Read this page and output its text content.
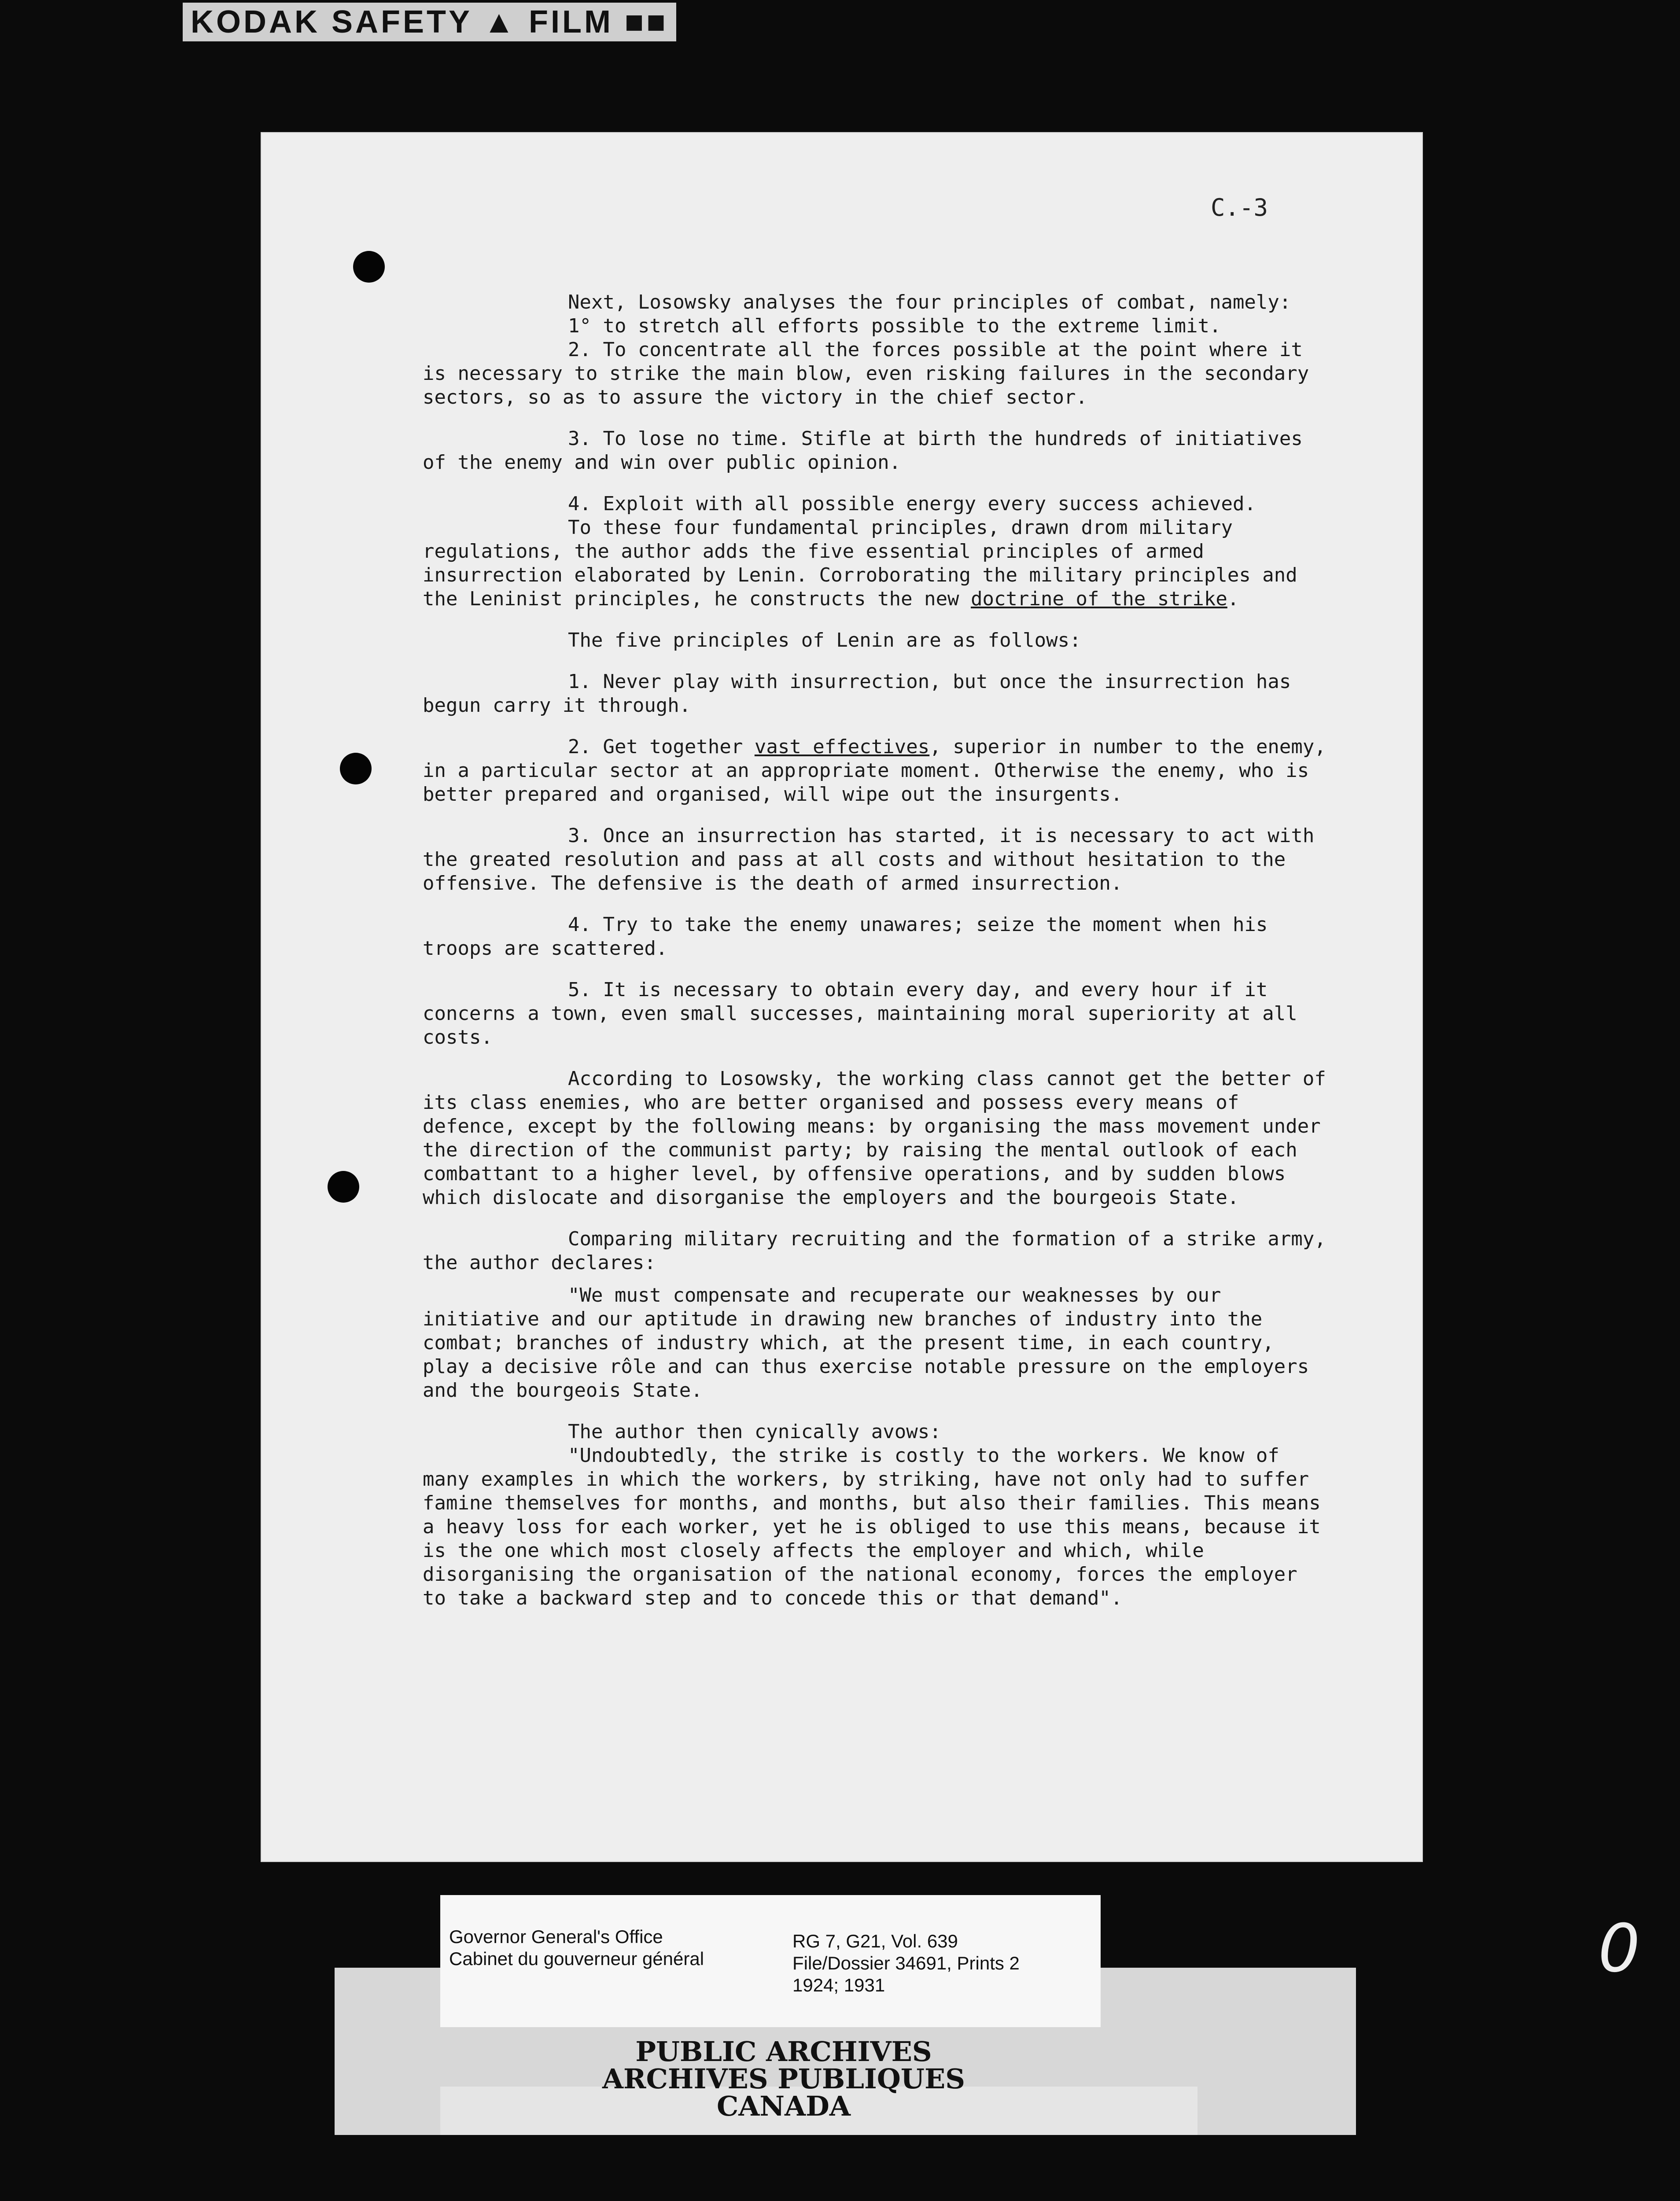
KODAK SAFETY ▲ FILM ■■
C.-3

Next, Losowsky analyses the four principles of combat, namely:

1° to stretch all efforts possible to the extreme limit.

2. To concentrate all the forces possible at the point where it is necessary to strike the main blow, even risking failures in the secondary sectors, so as to assure the victory in the chief sector.

3. To lose no time. Stifle at birth the hundreds of initiatives of the enemy and win over public opinion.

4. Exploit with all possible energy every success achieved.

To these four fundamental principles, drawn drom military regulations, the author adds the five essential principles of armed insurrection elaborated by Lenin. Corroborating the military principles and the Leninist principles, he constructs the new doctrine of the strike.

The five principles of Lenin are as follows:

1. Never play with insurrection, but once the insurrection has begun carry it through.

2. Get together vast effectives, superior in number to the enemy, in a particular sector at an appropriate moment. Otherwise the enemy, who is better prepared and organised, will wipe out the insurgents.

3. Once an insurrection has started, it is necessary to act with the greated resolution and pass at all costs and without hesitation to the offensive. The defensive is the death of armed insurrection.

4. Try to take the enemy unawares; seize the moment when his troops are scattered.

5. It is necessary to obtain every day, and every hour if it concerns a town, even small successes, maintaining moral superiority at all costs.

According to Losowsky, the working class cannot get the better of its class enemies, who are better organised and possess every means of defence, except by the following means: by organising the mass movement under the direction of the communist party; by raising the mental outlook of each combattant to a higher level, by offensive operations, and by sudden blows which dislocate and disorganise the employers and the bourgeois State.

Comparing military recruiting and the formation of a strike army, the author declares:

"We must compensate and recuperate our weaknesses by our initiative and our aptitude in drawing new branches of industry into the combat; branches of industry which, at the present time, in each country, play a decisive rôle and can thus exercise notable pressure on the employers and the bourgeois State.

The author then cynically avows:

"Undoubtedly, the strike is costly to the workers. We know of many examples in which the workers, by striking, have not only had to suffer famine themselves for months, and months, but also their families. This means a heavy loss for each worker, yet he is obliged to use this means, because it is the one which most closely affects the employer and which, while disorganising the organisation of the national economy, forces the employer to take a backward step and to concede this or that demand".

Governor General's Office
Cabinet du gouverneur général
RG 7, G21, Vol. 639
File/Dossier 34691, Prints 2
1924; 1931
PUBLIC ARCHIVES
ARCHIVES PUBLIQUES
CANADA
0
